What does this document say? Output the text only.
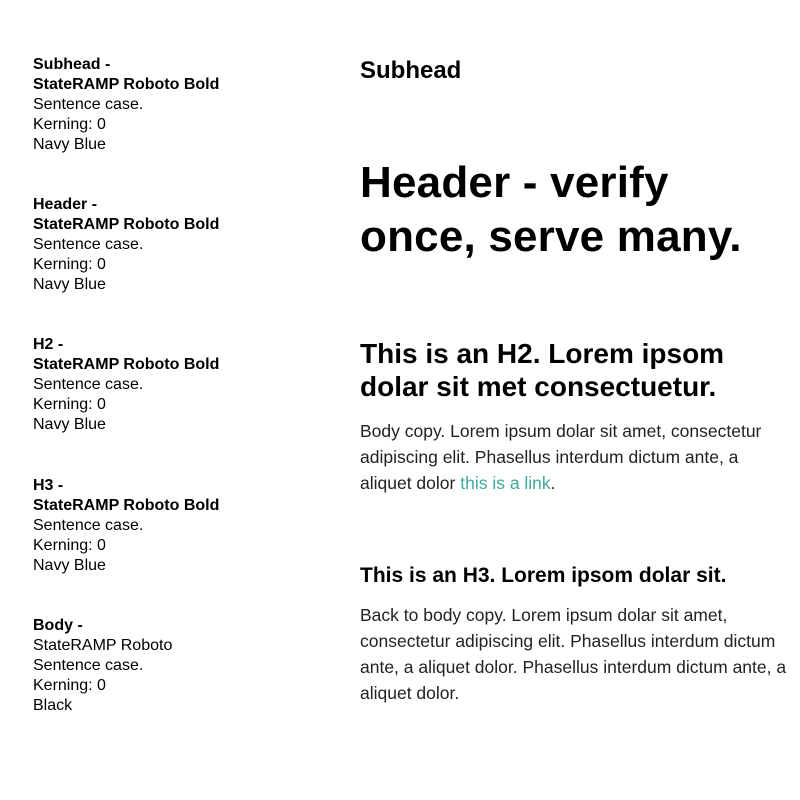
Subhead -
StateRAMP Roboto Bold
Sentence case.
Kerning: 0
Navy Blue
Header -
StateRAMP Roboto Bold
Sentence case.
Kerning: 0
Navy Blue
H2 -
StateRAMP Roboto Bold
Sentence case.
Kerning: 0
Navy Blue
H3 -
StateRAMP Roboto Bold
Sentence case.
Kerning: 0
Navy Blue
Body -
StateRAMP Roboto
Sentence case.
Kerning: 0
Black
Subhead
Header - verify once, serve many.
This is an H2. Lorem ipsom dolar sit met consectuetur.

Body copy. Lorem ipsum dolar sit amet, consectetur adipiscing elit. Phasellus interdum dictum ante, a aliquet dolor this is a link.

This is an H3. Lorem ipsom dolar sit.

Back to body copy. Lorem ipsum dolar sit amet, consectetur adipiscing elit. Phasellus interdum dictum ante, a aliquet dolor. Phasellus interdum dictum ante, a aliquet dolor.
